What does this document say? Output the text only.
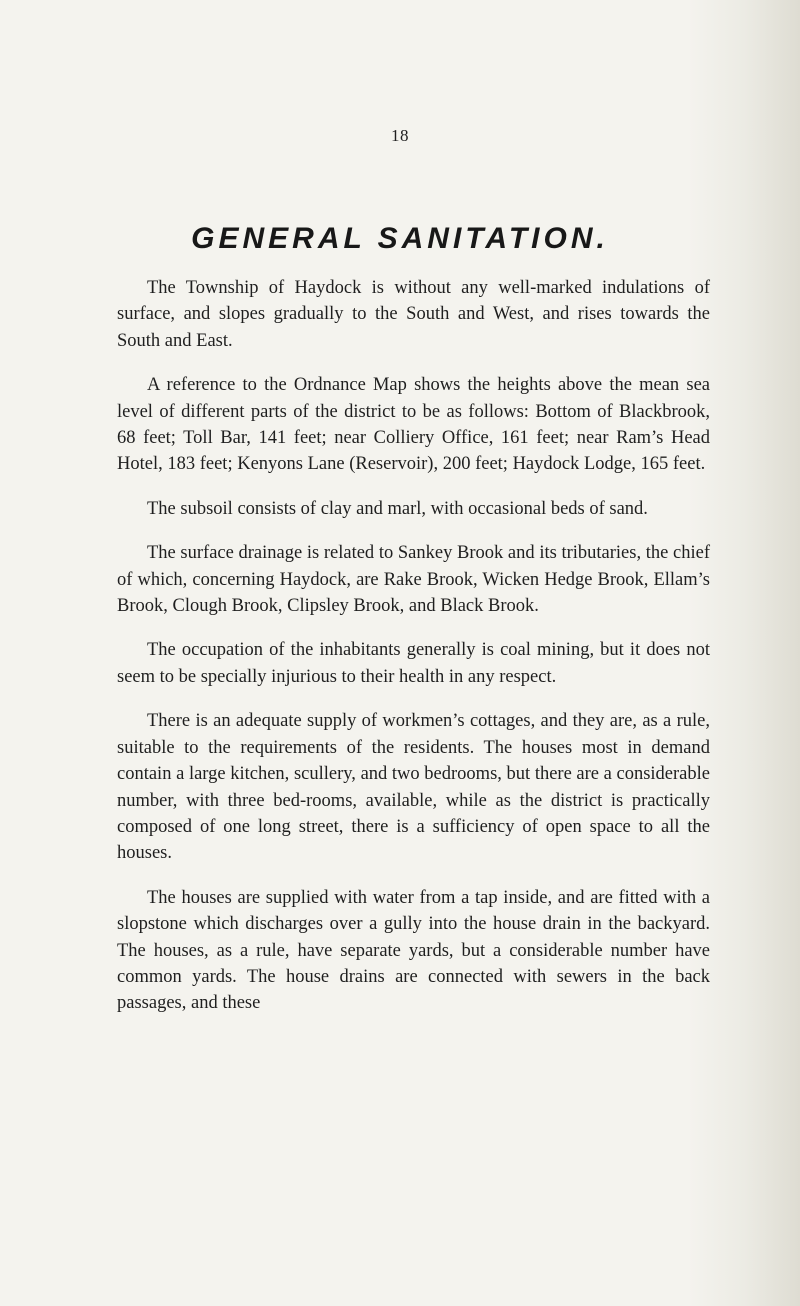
18
GENERAL SANITATION.

The Township of Haydock is without any well-marked indulations of surface, and slopes gradually to the South and West, and rises towards the South and East.

A reference to the Ordnance Map shows the heights above the mean sea level of different parts of the district to be as follows: Bottom of Blackbrook, 68 feet; Toll Bar, 141 feet; near Colliery Office, 161 feet; near Ram’s Head Hotel, 183 feet; Kenyons Lane (Reservoir), 200 feet; Haydock Lodge, 165 feet.

The subsoil consists of clay and marl, with occasional beds of sand.

The surface drainage is related to Sankey Brook and its tributaries, the chief of which, concerning Haydock, are Rake Brook, Wicken Hedge Brook, Ellam’s Brook, Clough Brook, Clipsley Brook, and Black Brook.

The occupation of the inhabitants generally is coal mining, but it does not seem to be specially injurious to their health in any respect.

There is an adequate supply of workmen’s cottages, and they are, as a rule, suitable to the requirements of the residents. The houses most in demand contain a large kitchen, scullery, and two bedrooms, but there are a considerable number, with three bed-rooms, available, while as the district is practically composed of one long street, there is a sufficiency of open space to all the houses.

The houses are supplied with water from a tap inside, and are fitted with a slopstone which discharges over a gully into the house drain in the backyard. The houses, as a rule, have separate yards, but a considerable number have common yards. The house drains are connected with sewers in the back passages, and these
